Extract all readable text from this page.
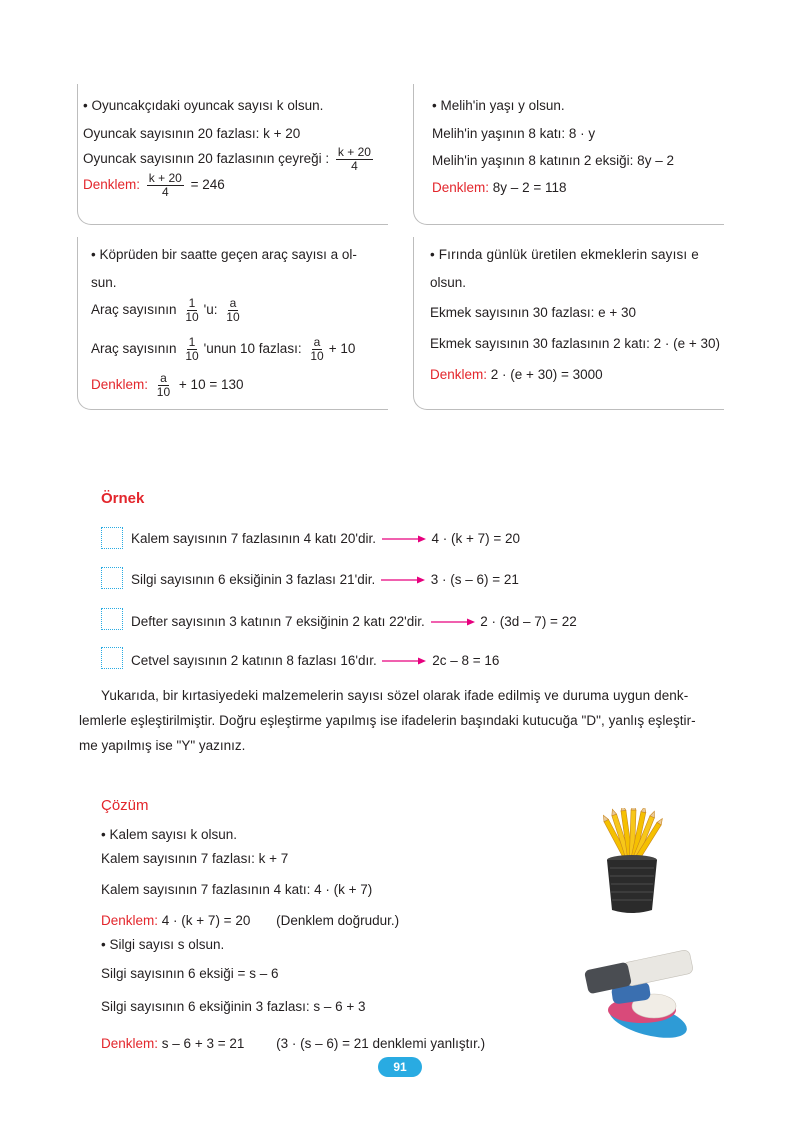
• Oyuncakçıdaki oyuncak sayısı k olsun.
Oyuncak sayısının 20 fazlası: k + 20
Oyuncak sayısının 20 fazlasının çeyreği : $\frac{k + 20}{4}$
Denklem: $\frac{k + 20}{4} = 246$
• Melih'in yaşı y olsun.
Melih'in yaşının 8 katı: 8 · y
Melih'in yaşının 8 katının 2 eksiği: 8y – 2
Denklem: 8y – 2 = 118
• Köprüden bir saatte geçen araç sayısı a ol-
sun.
Araç sayısının $\frac{1}{10}$ 'u: $\frac{a}{10}$
Araç sayısının $\frac{1}{10}$ 'unun 10 fazlası: $\frac{a}{10} + 10$
Denklem: $\frac{a}{10} + 10 = 130$
• Fırında günlük üretilen ekmeklerin sayısı e
olsun.
Ekmek sayısının 30 fazlası: e + 30
Ekmek sayısının 30 fazlasının 2 katı: 2 · (e + 30)
Denklem: 2 · (e + 30) = 3000
Örnek
Kalem sayısının 7 fazlasının 4 katı 20'dir.	4 · (k + 7) = 20
Silgi sayısının 6 eksiğinin 3 fazlası 21'dir.	3 · (s – 6) = 21
Defter sayısının 3 katının 7 eksiğinin 2 katı 22'dir.	2 · (3d – 7) = 22
Cetvel sayısının 2 katının 8 fazlası 16'dır.	2c – 8 = 16
Yukarıda, bir kırtasiyedeki malzemelerin sayısı sözel olarak ifade edilmiş ve duruma uygun denk-
lemlerle eşleştirilmiştir. Doğru eşleştirme yapılmış ise ifadelerin başındaki kutucuğa "D", yanlış eşleştir-
me yapılmış ise "Y" yazınız.
Çözüm
• Kalem sayısı k olsun.
Kalem sayısının 7 fazlası: k + 7
Kalem sayısının 7 fazlasının 4 katı: 4 · (k + 7)
Denklem: 4 · (k + 7) = 20 (Denklem doğrudur.)
• Silgi sayısı s olsun.
Silgi sayısının 6 eksiği = s – 6
Silgi sayısının 6 eksiğinin 3 fazlası: s – 6 + 3
Denklem: s – 6 + 3 = 21 (3 · (s – 6) = 21 denklemi yanlıştır.)
91
